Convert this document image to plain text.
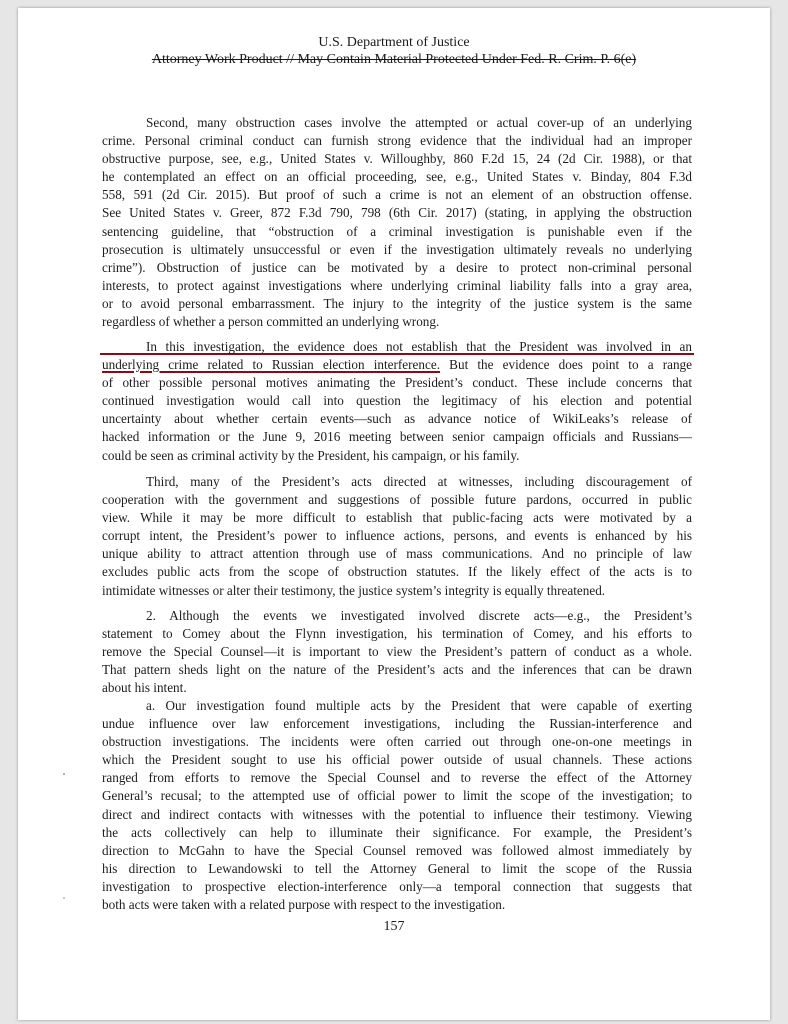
U.S. Department of Justice
Attorney Work Product // May Contain Material Protected Under Fed. R. Crim. P. 6(e)
Second, many obstruction cases involve the attempted or actual cover-up of an underlying
crime. Personal criminal conduct can furnish strong evidence that the individual had an improper
obstructive purpose, see, e.g., United States v. Willoughby, 860 F.2d 15, 24 (2d Cir. 1988), or that
he contemplated an effect on an official proceeding, see, e.g., United States v. Binday, 804 F.3d
558, 591 (2d Cir. 2015). But proof of such a crime is not an element of an obstruction offense.
See United States v. Greer, 872 F.3d 790, 798 (6th Cir. 2017) (stating, in applying the obstruction
sentencing guideline, that “obstruction of a criminal investigation is punishable even if the
prosecution is ultimately unsuccessful or even if the investigation ultimately reveals no underlying
crime”). Obstruction of justice can be motivated by a desire to protect non-criminal personal
interests, to protect against investigations where underlying criminal liability falls into a gray area,
or to avoid personal embarrassment. The injury to the integrity of the justice system is the same
regardless of whether a person committed an underlying wrong.
In this investigation, the evidence does not establish that the President was involved in an
underlying crime related to Russian election interference. But the evidence does point to a range
of other possible personal motives animating the President’s conduct. These include concerns that
continued investigation would call into question the legitimacy of his election and potential
uncertainty about whether certain events—such as advance notice of WikiLeaks’s release of
hacked information or the June 9, 2016 meeting between senior campaign officials and Russians—
could be seen as criminal activity by the President, his campaign, or his family.
Third, many of the President’s acts directed at witnesses, including discouragement of
cooperation with the government and suggestions of possible future pardons, occurred in public
view. While it may be more difficult to establish that public-facing acts were motivated by a
corrupt intent, the President’s power to influence actions, persons, and events is enhanced by his
unique ability to attract attention through use of mass communications. And no principle of law
excludes public acts from the scope of obstruction statutes. If the likely effect of the acts is to
intimidate witnesses or alter their testimony, the justice system’s integrity is equally threatened.
2. Although the events we investigated involved discrete acts—e.g., the President’s
statement to Comey about the Flynn investigation, his termination of Comey, and his efforts to
remove the Special Counsel—it is important to view the President’s pattern of conduct as a whole.
That pattern sheds light on the nature of the President’s acts and the inferences that can be drawn
about his intent.
a. Our investigation found multiple acts by the President that were capable of exerting
undue influence over law enforcement investigations, including the Russian-interference and
obstruction investigations. The incidents were often carried out through one-on-one meetings in
which the President sought to use his official power outside of usual channels. These actions
ranged from efforts to remove the Special Counsel and to reverse the effect of the Attorney
General’s recusal; to the attempted use of official power to limit the scope of the investigation; to
direct and indirect contacts with witnesses with the potential to influence their testimony. Viewing
the acts collectively can help to illuminate their significance. For example, the President’s
direction to McGahn to have the Special Counsel removed was followed almost immediately by
his direction to Lewandowski to tell the Attorney General to limit the scope of the Russia
investigation to prospective election-interference only—a temporal connection that suggests that
both acts were taken with a related purpose with respect to the investigation.
157
